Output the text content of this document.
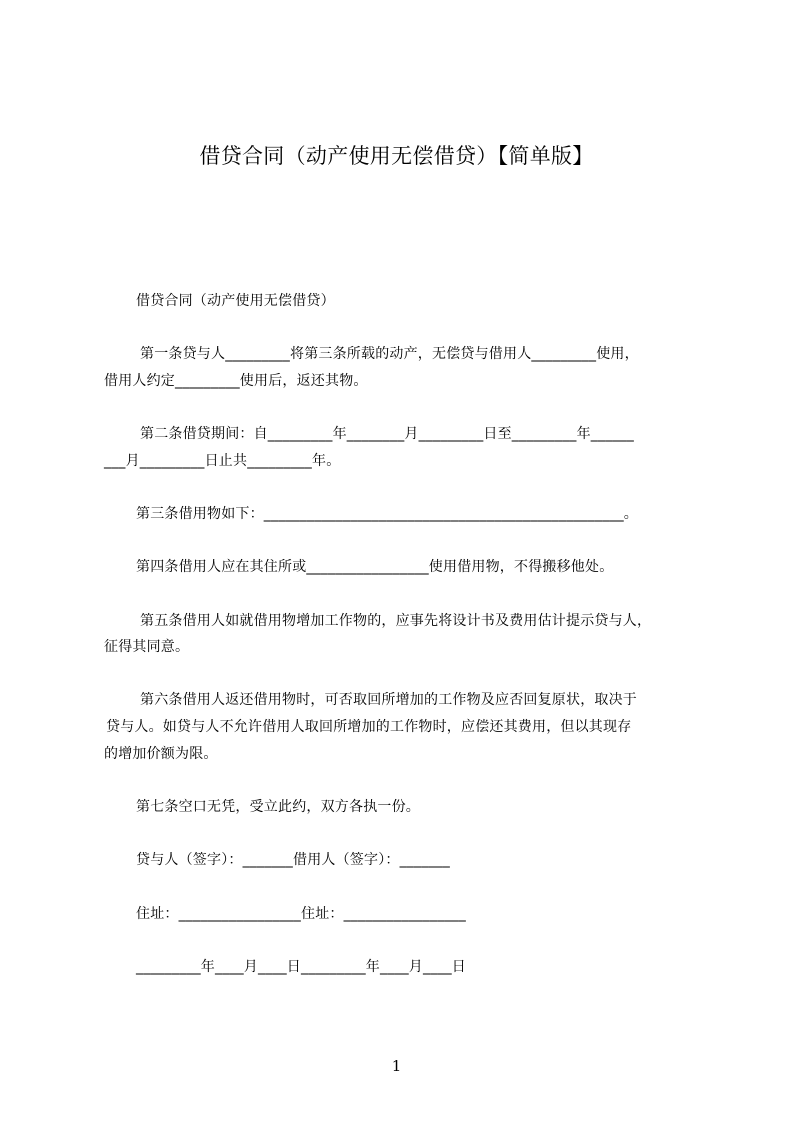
借贷合同（动产使用无偿借贷）【简单版】
借贷合同（动产使用无偿借贷）
第一条贷与人_________将第三条所载的动产，无偿贷与借用人_________使用，
借用人约定_________使用后，返还其物。
第二条借贷期间：自_________年________月_________日至_________年______
___月_________日止共_________年。
第三条借用物如下：__________________________________________________。
第四条借用人应在其住所或_________________使用借用物，不得搬移他处。
第五条借用人如就借用物增加工作物的，应事先将设计书及费用估计提示贷与人，
征得其同意。
第六条借用人返还借用物时，可否取回所增加的工作物及应否回复原状，取决于
贷与人。如贷与人不允许借用人取回所增加的工作物时，应偿还其费用，但以其现存
的增加价额为限。
第七条空口无凭，受立此约，双方各执一份。
贷与人（签字）：_______借用人（签字）：_______
住址：_________________住址：_________________
_________年____月____日_________年____月____日
1
